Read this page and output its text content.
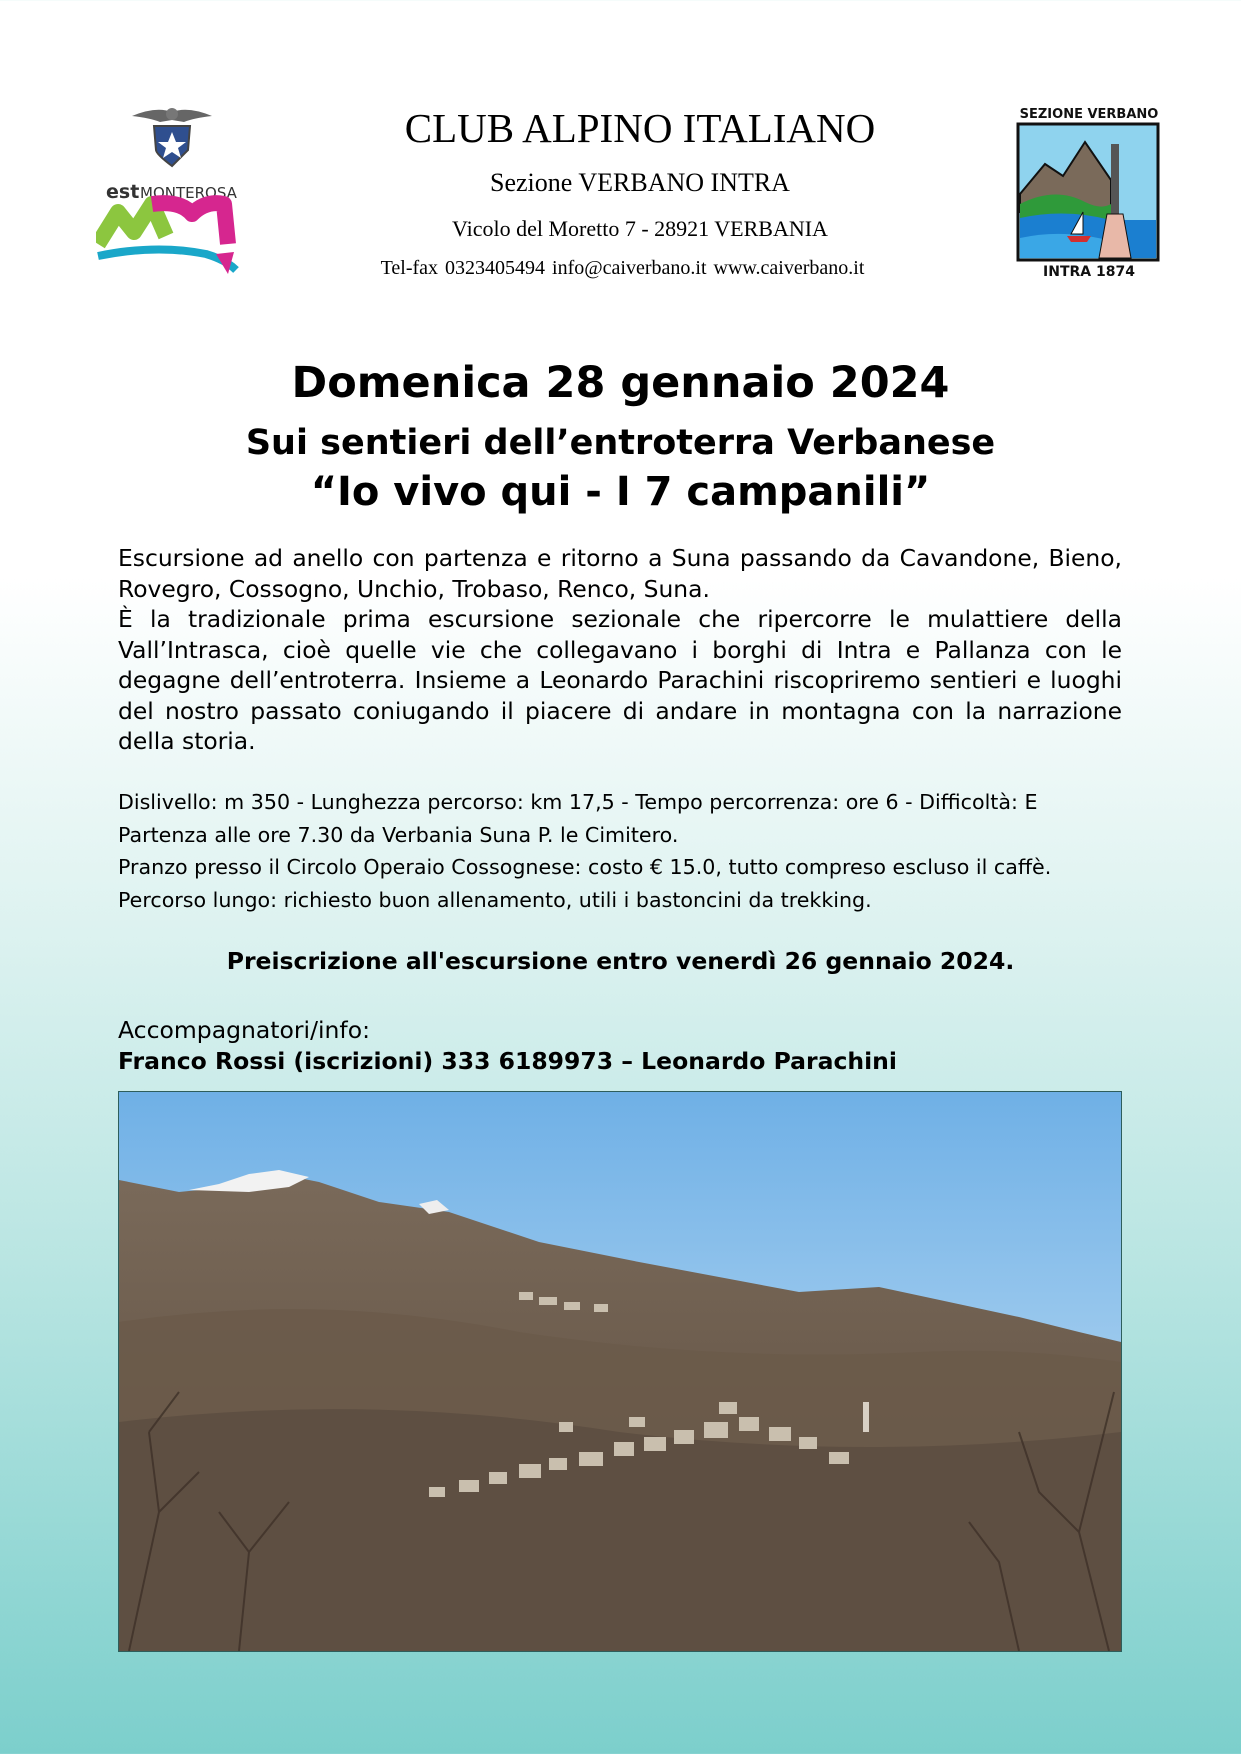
est MONTEROSA
SEZIONE VERBANO
INTRA 1874
CLUB ALPINO ITALIANO
Sezione VERBANO INTRA
Vicolo del Moretto 7 - 28921 VERBANIA
Tel-fax 0323405494 info@caiverbano.it www.caiverbano.it
Domenica 28 gennaio 2024
Sui sentieri dell’entroterra Verbanese
“Io vivo qui - I 7 campanili”

Escursione ad anello con partenza e ritorno a Suna passando da Cavandone, Bieno, Rovegro, Cossogno, Unchio, Trobaso, Renco, Suna.

È la tradizionale prima escursione sezionale che ripercorre le mulattiere della Vall’Intrasca, cioè quelle vie che collegavano i borghi di Intra e Pallanza con le degagne dell’entroterra. Insieme a Leonardo Parachini riscopriremo sentieri e luoghi del nostro passato coniugando il piacere di andare in montagna con la narrazione della storia.

Dislivello: m 350 - Lunghezza percorso: km 17,5 - Tempo percorrenza: ore 6 - Difficoltà: E
Partenza alle ore 7.30 da Verbania Suna P. le Cimitero.
Pranzo presso il Circolo Operaio Cossognese: costo € 15.0, tutto compreso escluso il caffè.
Percorso lungo: richiesto buon allenamento, utili i bastoncini da trekking.
Preiscrizione all'escursione entro venerdì 26 gennaio 2024.
Accompagnatori/info:
Franco Rossi (iscrizioni) 333 6189973 – Leonardo Parachini
